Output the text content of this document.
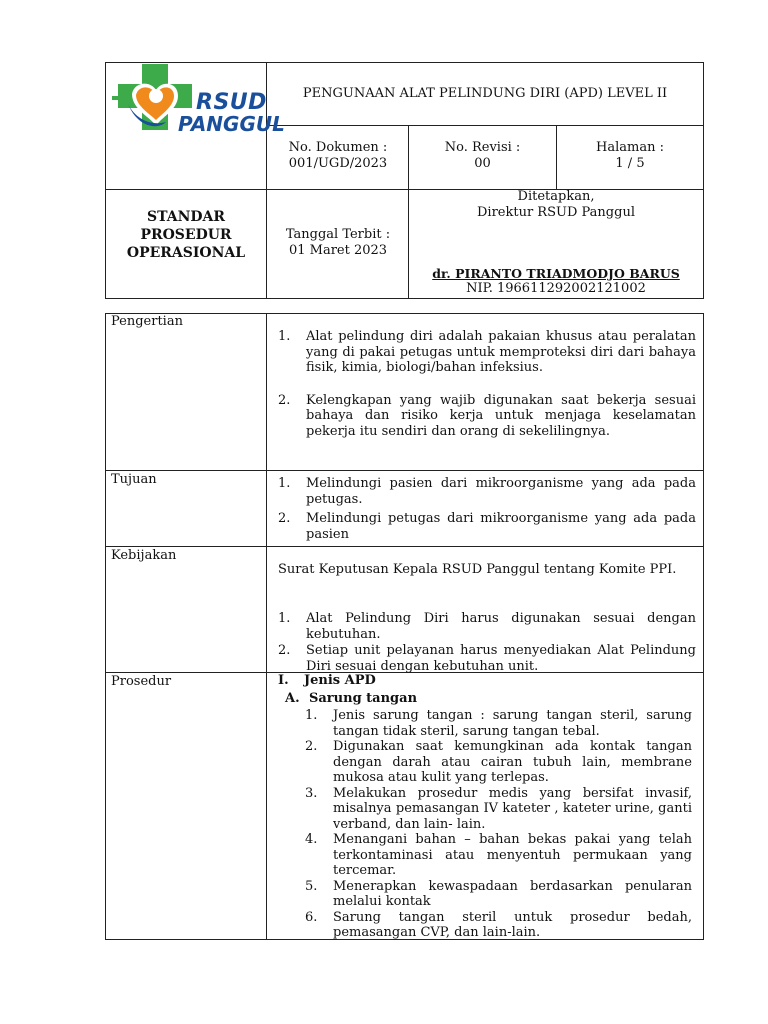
RSUD
PANGGUL
PENGUNAAN ALAT PELINDUNG DIRI (APD) LEVEL II
No. Dokumen :
001/UGD/2023
No. Revisi :
00
Halaman :
1 / 5
STANDAR
PROSEDUR
OPERASIONAL
Tanggal Terbit :
01 Maret 2023
Ditetapkan,
Direktur RSUD Panggul
dr. PIRANTO TRIADMODJO BARUS
NIP. 196611292002121002
Pengertian
1. Alat pelindung diri adalah pakaian khusus atau peralatan yang di pakai petugas untuk memproteksi diri dari bahaya fisik, kimia, biologi/bahan infeksius.
2. Kelengkapan yang wajib digunakan saat bekerja sesuai bahaya dan risiko kerja untuk menjaga keselamatan pekerja itu sendiri dan orang di sekelilingnya.
Tujuan	1. Melindungi pasien dari mikroorganisme yang ada pada petugas.
2. Melindungi petugas dari mikroorganisme yang ada pada pasien
Kebijakan
Surat Keputusan Kepala RSUD Panggul tentang Komite PPI.
1. Alat Pelindung Diri harus digunakan sesuai dengan kebutuhan.
2. Setiap unit pelayanan harus menyediakan Alat Pelindung Diri sesuai dengan kebutuhan unit.
Prosedur	I. Jenis APD
A. Sarung tangan
1. Jenis sarung tangan : sarung tangan steril, sarung tangan tidak steril, sarung tangan tebal.
2. Digunakan saat kemungkinan ada kontak tangan dengan darah atau cairan tubuh lain, membrane mukosa atau kulit yang terlepas.
3. Melakukan prosedur medis yang bersifat invasif, misalnya pemasangan IV kateter , kateter urine, ganti verband, dan lain- lain.
4. Menangani bahan – bahan bekas pakai yang telah terkontaminasi atau menyentuh permukaan yang tercemar.
5. Menerapkan kewaspadaan berdasarkan penularan melalui kontak
6. Sarung tangan steril untuk prosedur bedah, pemasangan CVP, dan lain-lain.
